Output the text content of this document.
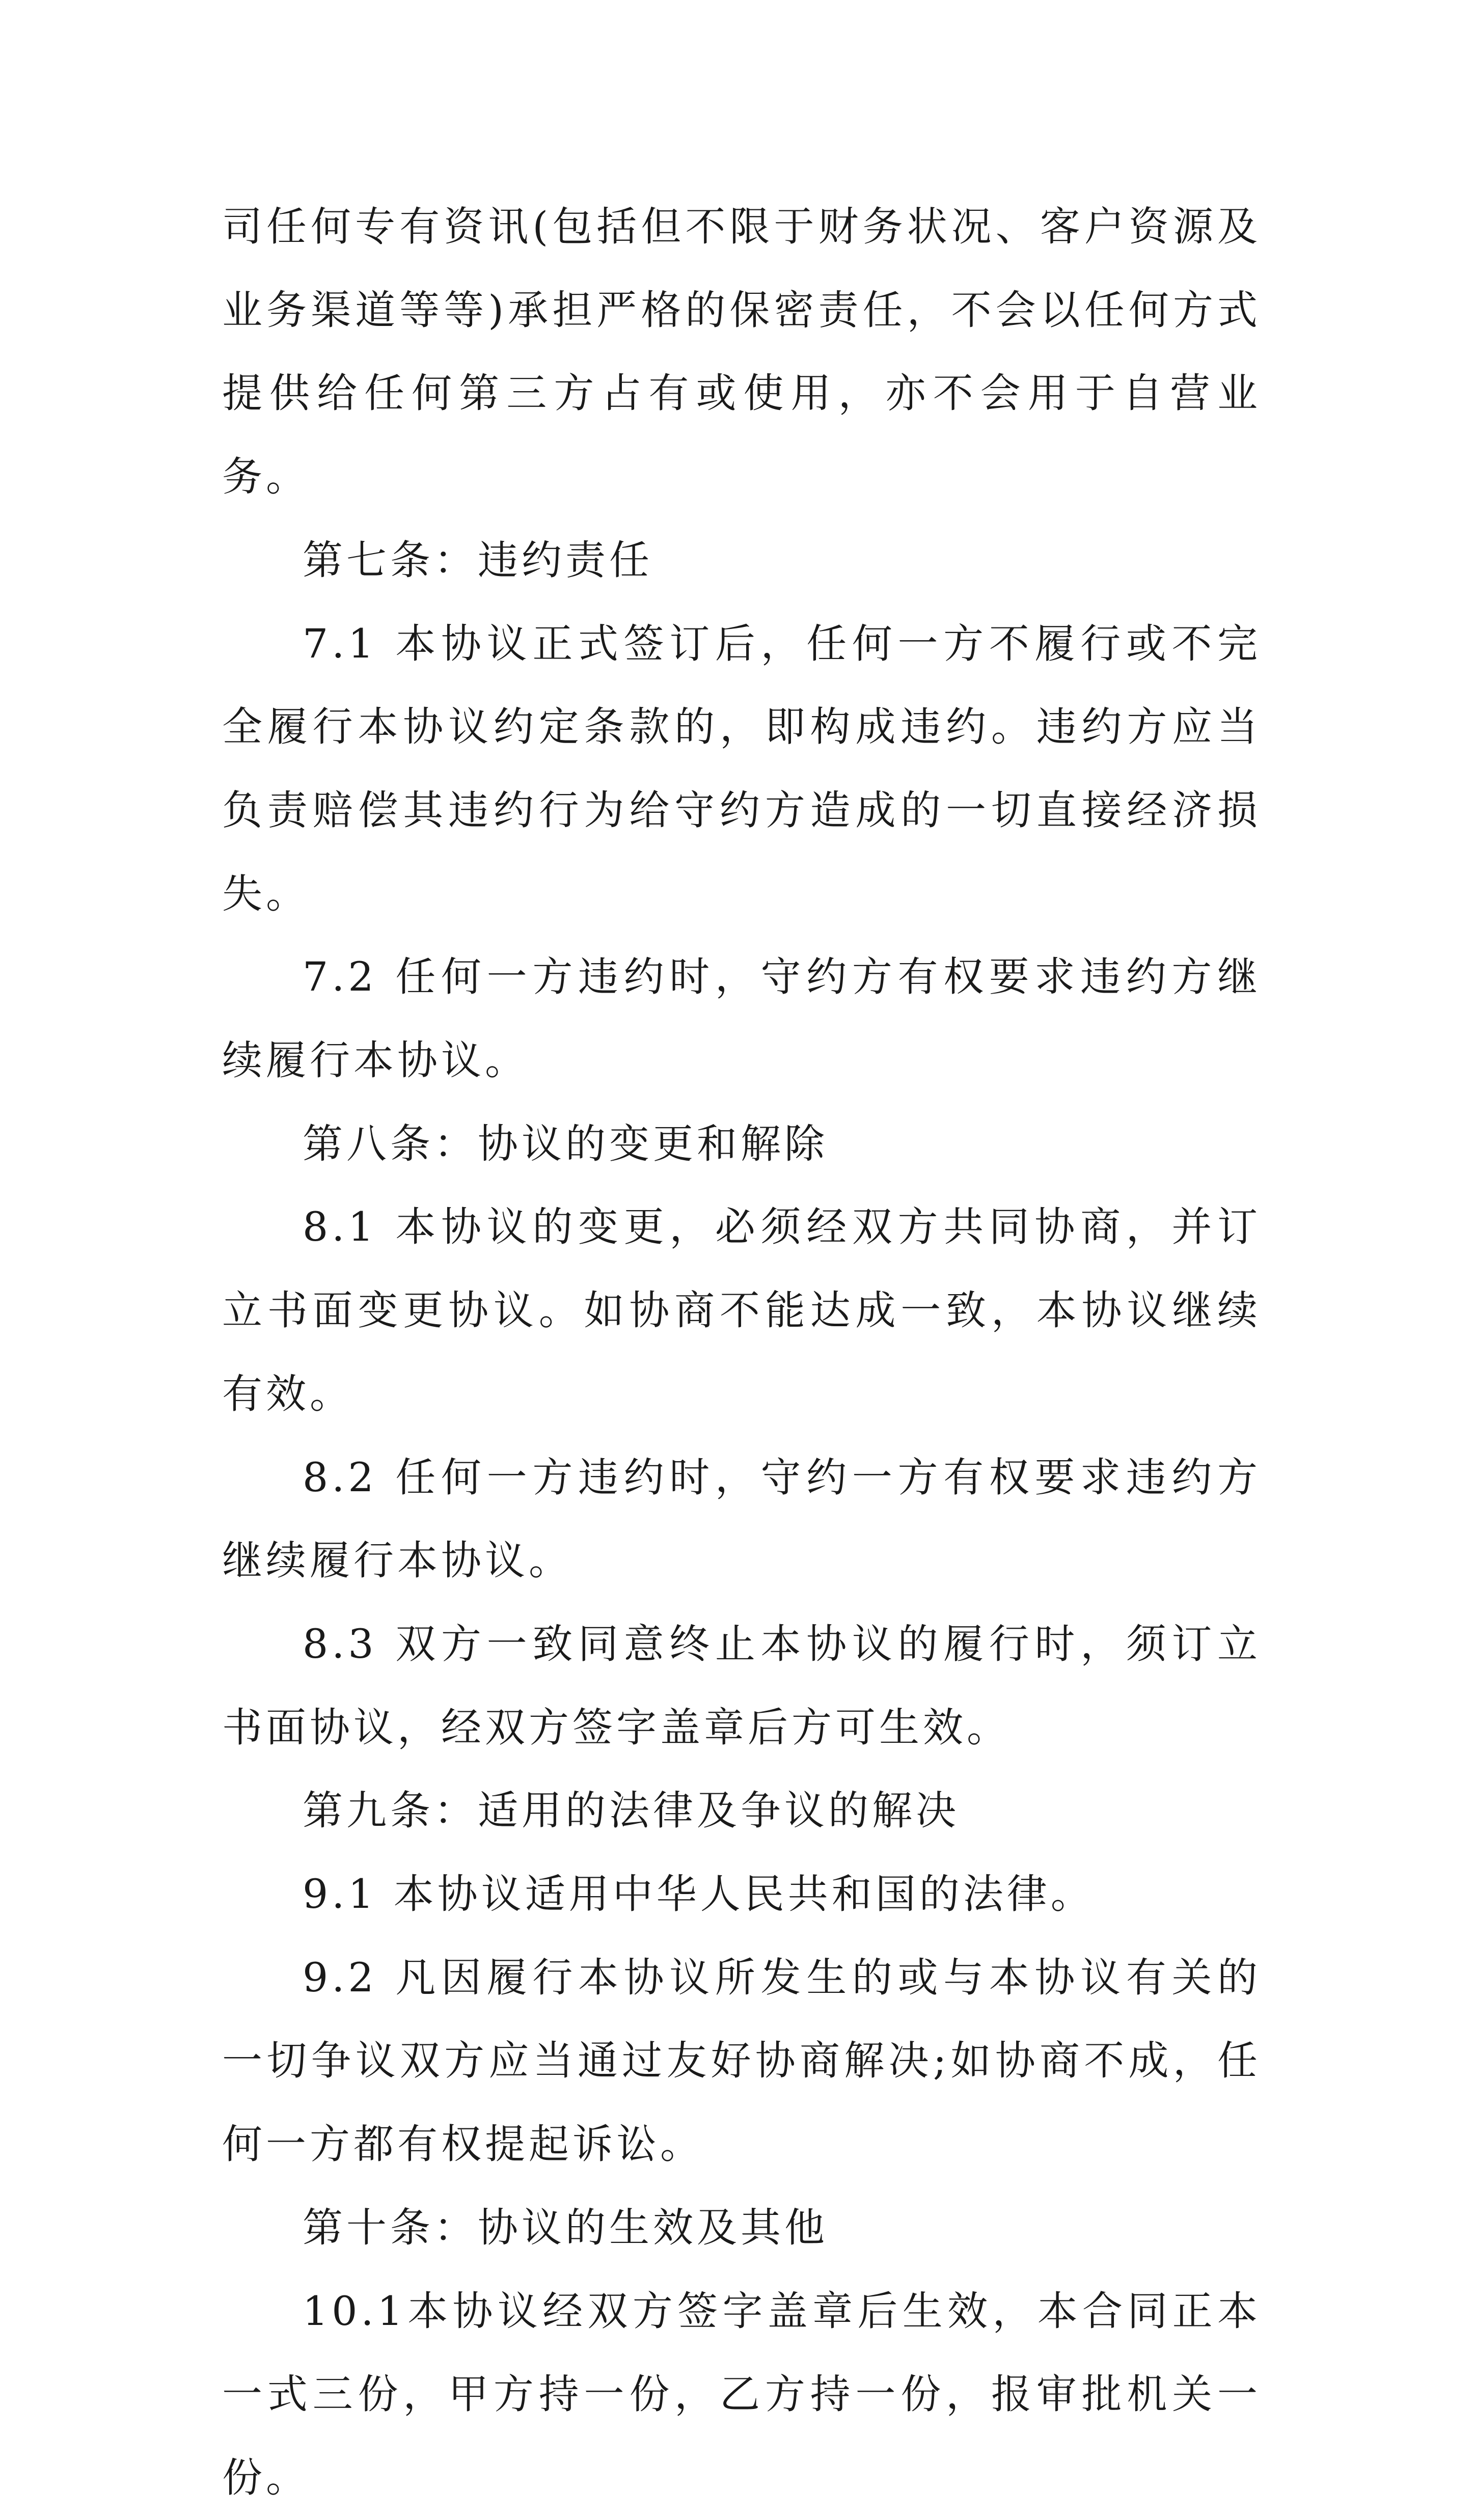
司任何专有资讯(包括但不限于财务状况、客户资源及业务渠道等等)承担严格的保密责任，不会以任何方式提供给任何第三方占有或使用，亦不会用于自营业务。

第七条：违约责任

7.1 本协议正式签订后，任何一方不履行或不完全履行本协议约定条款的，即构成违约。违约方应当负责赔偿其违约行为给守约方造成的一切直接经济损失。

7.2 任何一方违约时，守约方有权要求违约方继续履行本协议。

第八条：协议的变更和解除

8.1 本协议的变更，必须经双方共同协商，并订立书面变更协议。如协商不能达成一致，本协议继续有效。

8.2 任何一方违约时，守约一方有权要求违约方继续履行本协议。

8.3 双方一致同意终止本协议的履行时，须订立书面协议，经双方签字盖章后方可生效。

第九条：适用的法律及争议的解决

9.1 本协议适用中华人民共和国的法律。

9.2 凡因履行本协议所发生的或与本协议有关的一切争议双方应当通过友好协商解决;如协商不成，任何一方都有权提起诉讼。

第十条：协议的生效及其他

10.1本协议经双方签字盖章后生效，本合同正本一式三份，甲方持一份，乙方持一份，报审批机关一份。
